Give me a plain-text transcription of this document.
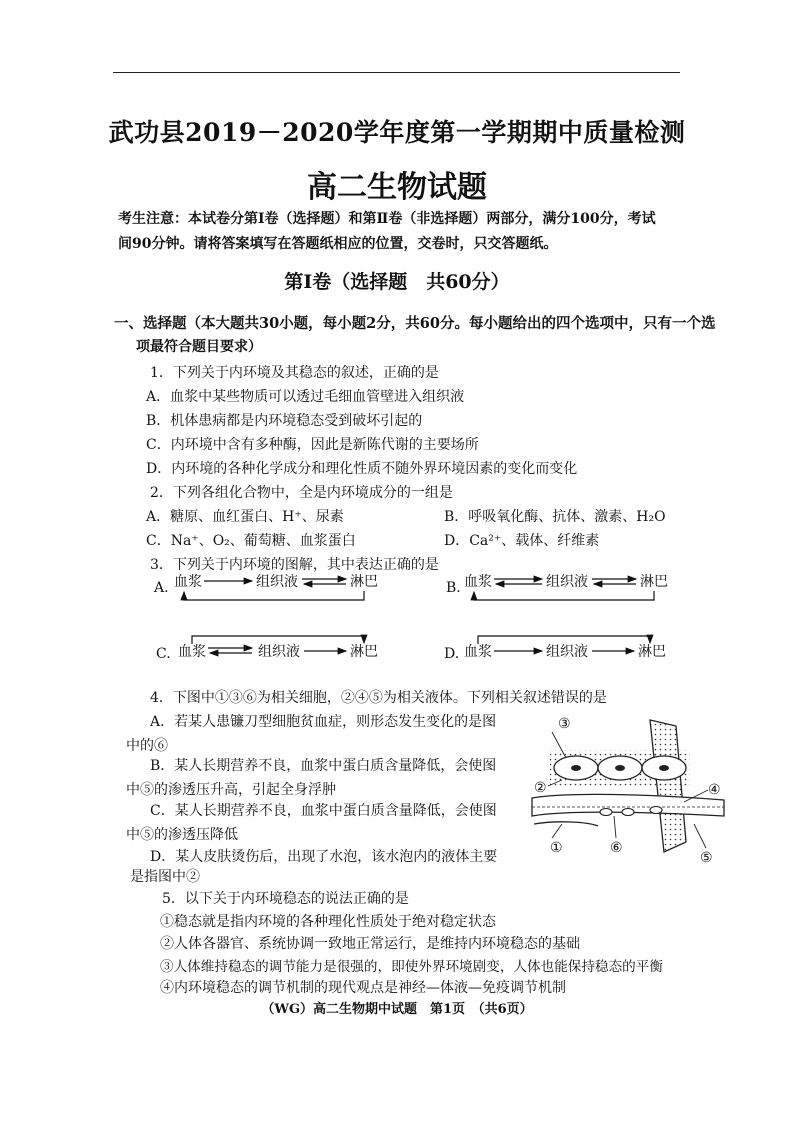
武功县2019－2020学年度第一学期期中质量检测
高二生物试题
考生注意：本试卷分第Ⅰ卷（选择题）和第Ⅱ卷（非选择题）两部分，满分100分，考试
间90分钟。请将答案填写在答题纸相应的位置，交卷时，只交答题纸。
第Ⅰ卷（选择题　共60分）
一、选择题（本大题共30小题，每小题2分，共60分。每小题给出的四个选项中，只有一个选
项最符合题目要求）
1．下列关于内环境及其稳态的叙述，正确的是
A．血浆中某些物质可以透过毛细血管壁进入组织液
B．机体患病都是内环境稳态受到破坏引起的
C．内环境中含有多种酶，因此是新陈代谢的主要场所
D．内环境的各种化学成分和理化性质不随外界环境因素的变化而变化
2．下列各组化合物中，全是内环境成分的一组是
A．糖原、血红蛋白、H⁺、尿素	B．呼吸氧化酶、抗体、激素、H₂O
C．Na⁺、O₂、葡萄糖、血浆蛋白	D．Ca²⁺、载体、纤维素
3．下列关于内环境的图解，其中表达正确的是
A. 血浆	组织液	淋巴	B. 血浆	组织液	淋巴
C. 血浆	组织液	淋巴	D. 血浆	组织液	淋巴
4．下图中①③⑥为相关细胞，②④⑤为相关液体。下列相关叙述错误的是
A．若某人患镰刀型细胞贫血症，则形态发生变化的是图
中的⑥
B．某人长期营养不良，血浆中蛋白质含量降低，会使图
中⑤的渗透压升高，引起全身浮肿
C．某人长期营养不良，血浆中蛋白质含量降低，会使图
中⑤的渗透压降低
D．某人皮肤烫伤后，出现了水泡，该水泡内的液体主要
是指图中②
③
②	④
①	⑥
⑤
5．以下关于内环境稳态的说法正确的是
①稳态就是指内环境的各种理化性质处于绝对稳定状态
②人体各器官、系统协调一致地正常运行，是维持内环境稳态的基础
③人体维持稳态的调节能力是很强的，即使外界环境剧变，人体也能保持稳态的平衡
④内环境稳态的调节机制的现代观点是神经—体液—免疫调节机制
（WG）高二生物期中试题　第1页　（共6页）
